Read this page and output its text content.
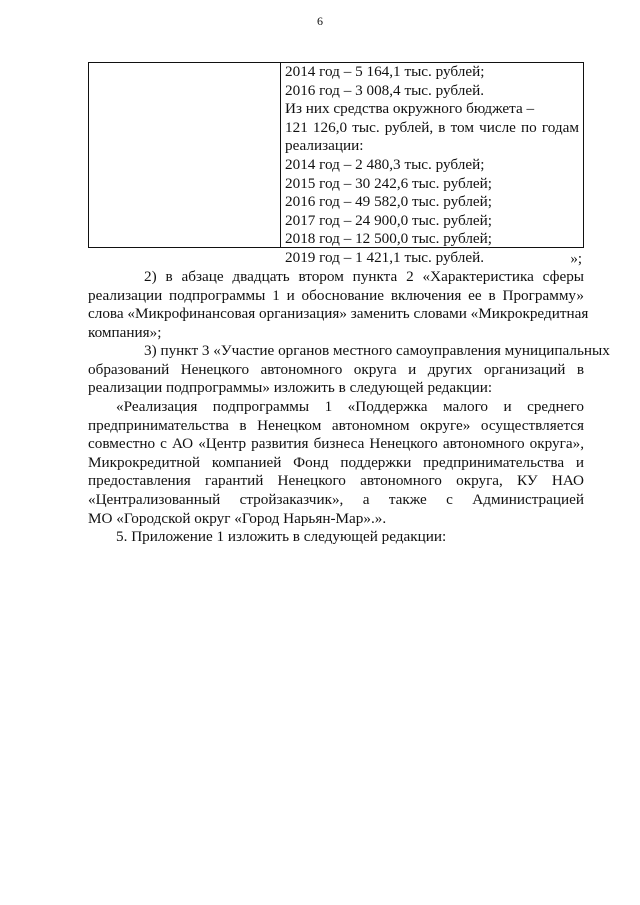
6
2014 год – 5 164,1 тыс. рублей;
2016 год – 3 008,4 тыс. рублей.
Из них средства окружного бюджета –
121 126,0 тыс. рублей, в том числе по годам
реализации:
2014 год – 2 480,3 тыс. рублей;
2015 год – 30 242,6 тыс. рублей;
2016 год – 49 582,0 тыс. рублей;
2017 год – 24 900,0 тыс. рублей;
2018 год – 12 500,0 тыс. рублей;
2019 год – 1 421,1 тыс. рублей.	»;
2) в абзаце двадцать втором пункта 2 «Характеристика сферы
реализации подпрограммы 1 и обоснование включения ее в Программу»
слова «Микрофинансовая организация» заменить словами «Микрокредитная
компания»;
3) пункт 3 «Участие органов местного самоуправления муниципальных
образований Ненецкого автономного округа и других организаций в
реализации подпрограммы» изложить в следующей редакции:
«Реализация подпрограммы 1 «Поддержка малого и среднего
предпринимательства в Ненецком автономном округе» осуществляется
совместно с АО «Центр развития бизнеса Ненецкого автономного округа»,
Микрокредитной компанией Фонд поддержки предпринимательства и
предоставления гарантий Ненецкого автономного округа, КУ НАО
«Централизованный стройзаказчик», а также с Администрацией
МО «Городской округ «Город Нарьян-Мар».».
5. Приложение 1 изложить в следующей редакции:
